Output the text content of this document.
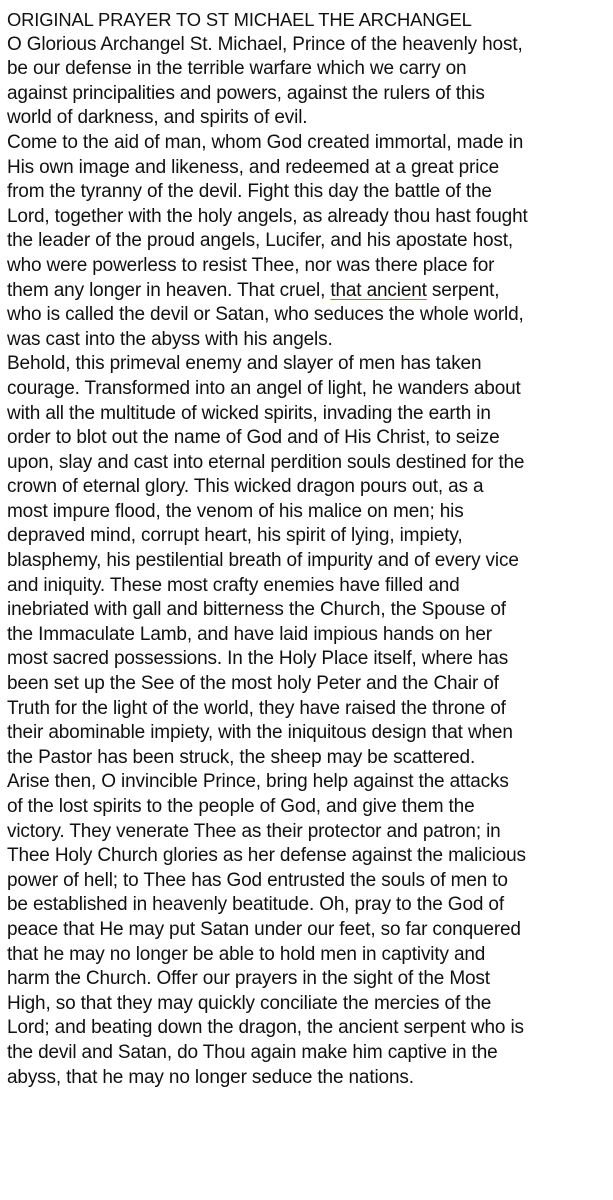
ORIGINAL PRAYER TO ST MICHAEL THE ARCHANGEL
O Glorious Archangel St. Michael, Prince of the heavenly host,
be our defense in the terrible warfare which we carry on
against principalities and powers, against the rulers of this
world of darkness, and spirits of evil.
Come to the aid of man, whom God created immortal, made in
His own image and likeness, and redeemed at a great price
from the tyranny of the devil. Fight this day the battle of the
Lord, together with the holy angels, as already thou hast fought
the leader of the proud angels, Lucifer, and his apostate host,
who were powerless to resist Thee, nor was there place for
them any longer in heaven. That cruel, that ancient serpent,
who is called the devil or Satan, who seduces the whole world,
was cast into the abyss with his angels.
Behold, this primeval enemy and slayer of men has taken
courage. Transformed into an angel of light, he wanders about
with all the multitude of wicked spirits, invading the earth in
order to blot out the name of God and of His Christ, to seize
upon, slay and cast into eternal perdition souls destined for the
crown of eternal glory. This wicked dragon pours out, as a
most impure flood, the venom of his malice on men; his
depraved mind, corrupt heart, his spirit of lying, impiety,
blasphemy, his pestilential breath of impurity and of every vice
and iniquity. These most crafty enemies have filled and
inebriated with gall and bitterness the Church, the Spouse of
the Immaculate Lamb, and have laid impious hands on her
most sacred possessions. In the Holy Place itself, where has
been set up the See of the most holy Peter and the Chair of
Truth for the light of the world, they have raised the throne of
their abominable impiety, with the iniquitous design that when
the Pastor has been struck, the sheep may be scattered.
Arise then, O invincible Prince, bring help against the attacks
of the lost spirits to the people of God, and give them the
victory. They venerate Thee as their protector and patron; in
Thee Holy Church glories as her defense against the malicious
power of hell; to Thee has God entrusted the souls of men to
be established in heavenly beatitude. Oh, pray to the God of
peace that He may put Satan under our feet, so far conquered
that he may no longer be able to hold men in captivity and
harm the Church. Offer our prayers in the sight of the Most
High, so that they may quickly conciliate the mercies of the
Lord; and beating down the dragon, the ancient serpent who is
the devil and Satan, do Thou again make him captive in the
abyss, that he may no longer seduce the nations.
